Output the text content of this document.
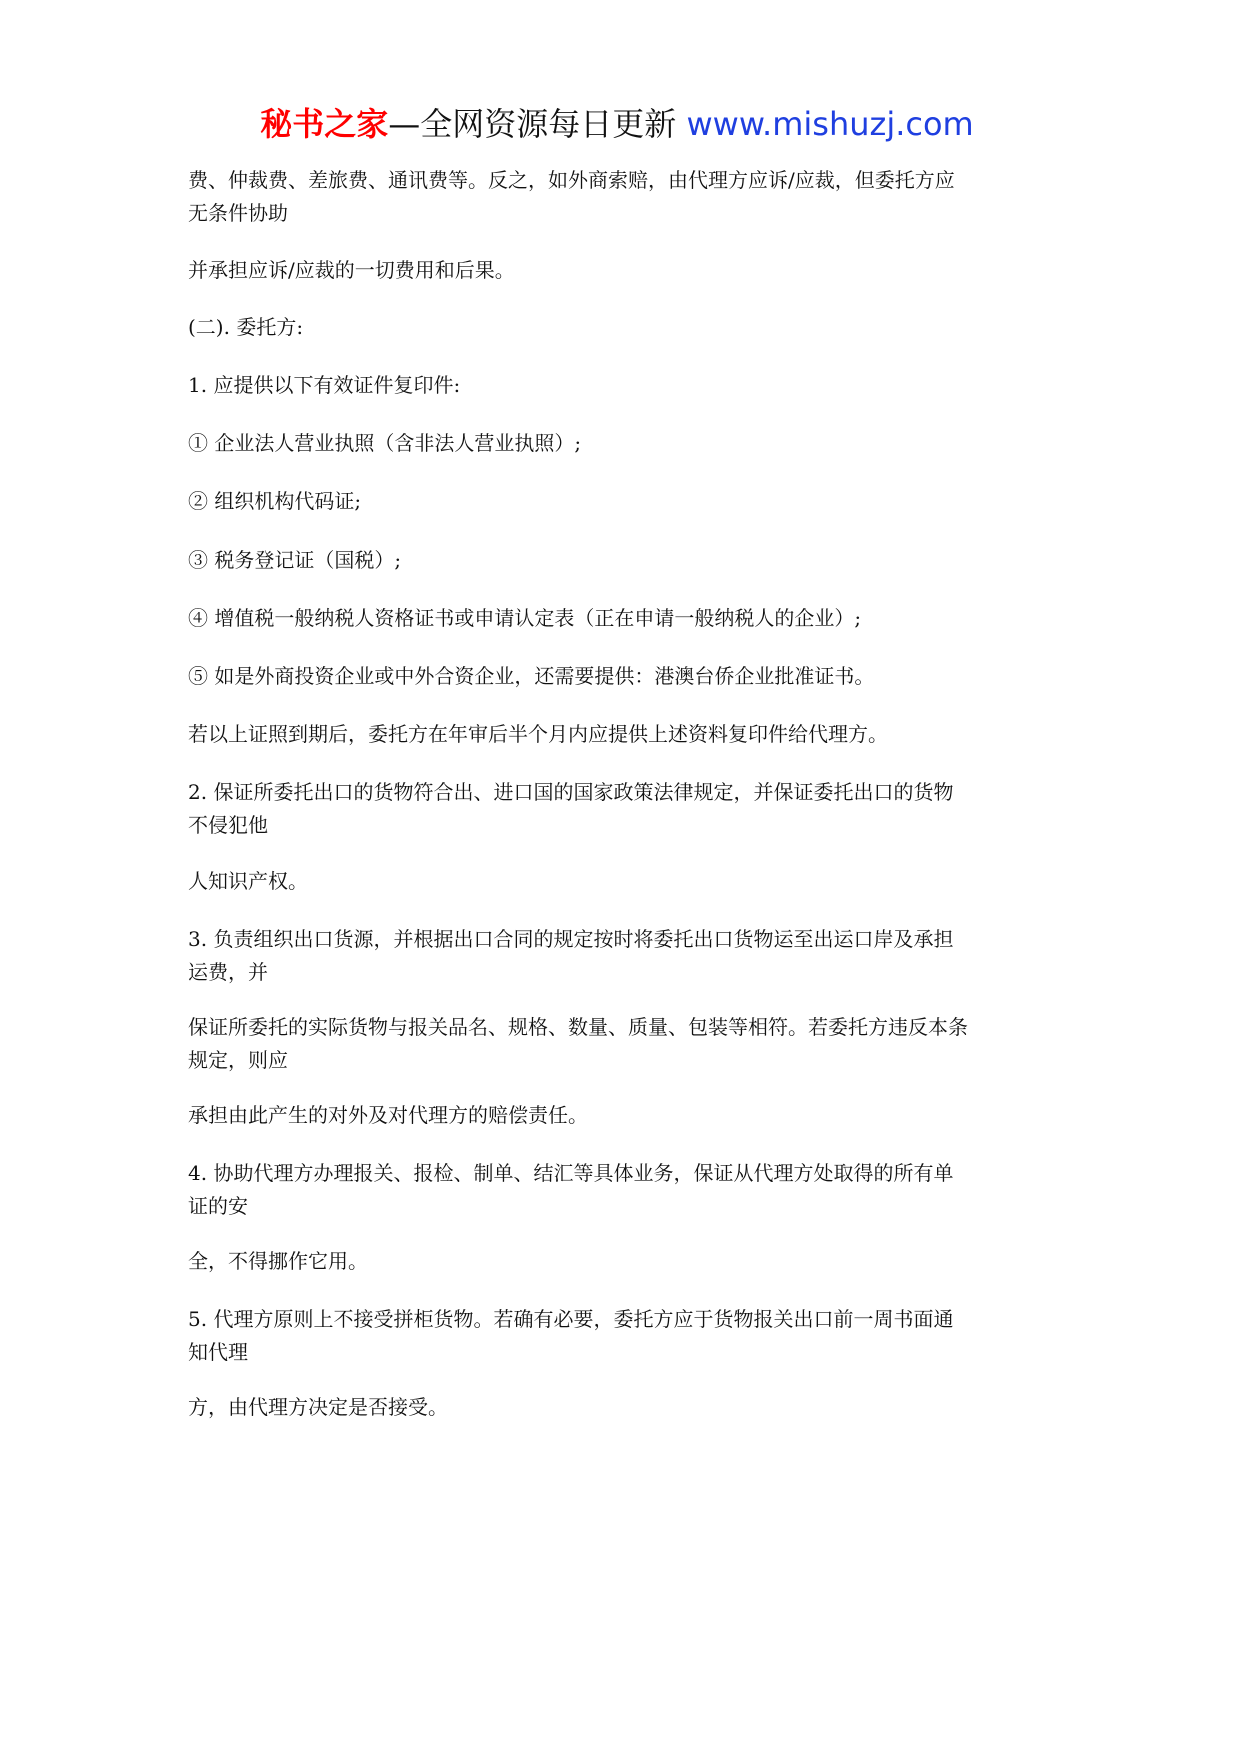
秘书之家—全网资源每日更新 www.mishuzj.com

费、仲裁费、差旅费、通讯费等。反之，如外商索赔，由代理方应诉/应裁，但委托方应
无条件协助

并承担应诉/应裁的一切费用和后果。

(二). 委托方:

1. 应提供以下有效证件复印件:

① 企业法人营业执照（含非法人营业执照）;

② 组织机构代码证;

③ 税务登记证（国税）;

④ 增值税一般纳税人资格证书或申请认定表（正在申请一般纳税人的企业）;

⑤ 如是外商投资企业或中外合资企业，还需要提供：港澳台侨企业批准证书。

若以上证照到期后，委托方在年审后半个月内应提供上述资料复印件给代理方。

2. 保证所委托出口的货物符合出、进口国的国家政策法律规定，并保证委托出口的货物
不侵犯他

人知识产权。

3. 负责组织出口货源，并根据出口合同的规定按时将委托出口货物运至出运口岸及承担
运费，并

保证所委托的实际货物与报关品名、规格、数量、质量、包装等相符。若委托方违反本条
规定，则应

承担由此产生的对外及对代理方的赔偿责任。

4. 协助代理方办理报关、报检、制单、结汇等具体业务，保证从代理方处取得的所有单
证的安

全，不得挪作它用。

5. 代理方原则上不接受拼柜货物。若确有必要，委托方应于货物报关出口前一周书面通
知代理

方，由代理方决定是否接受。
